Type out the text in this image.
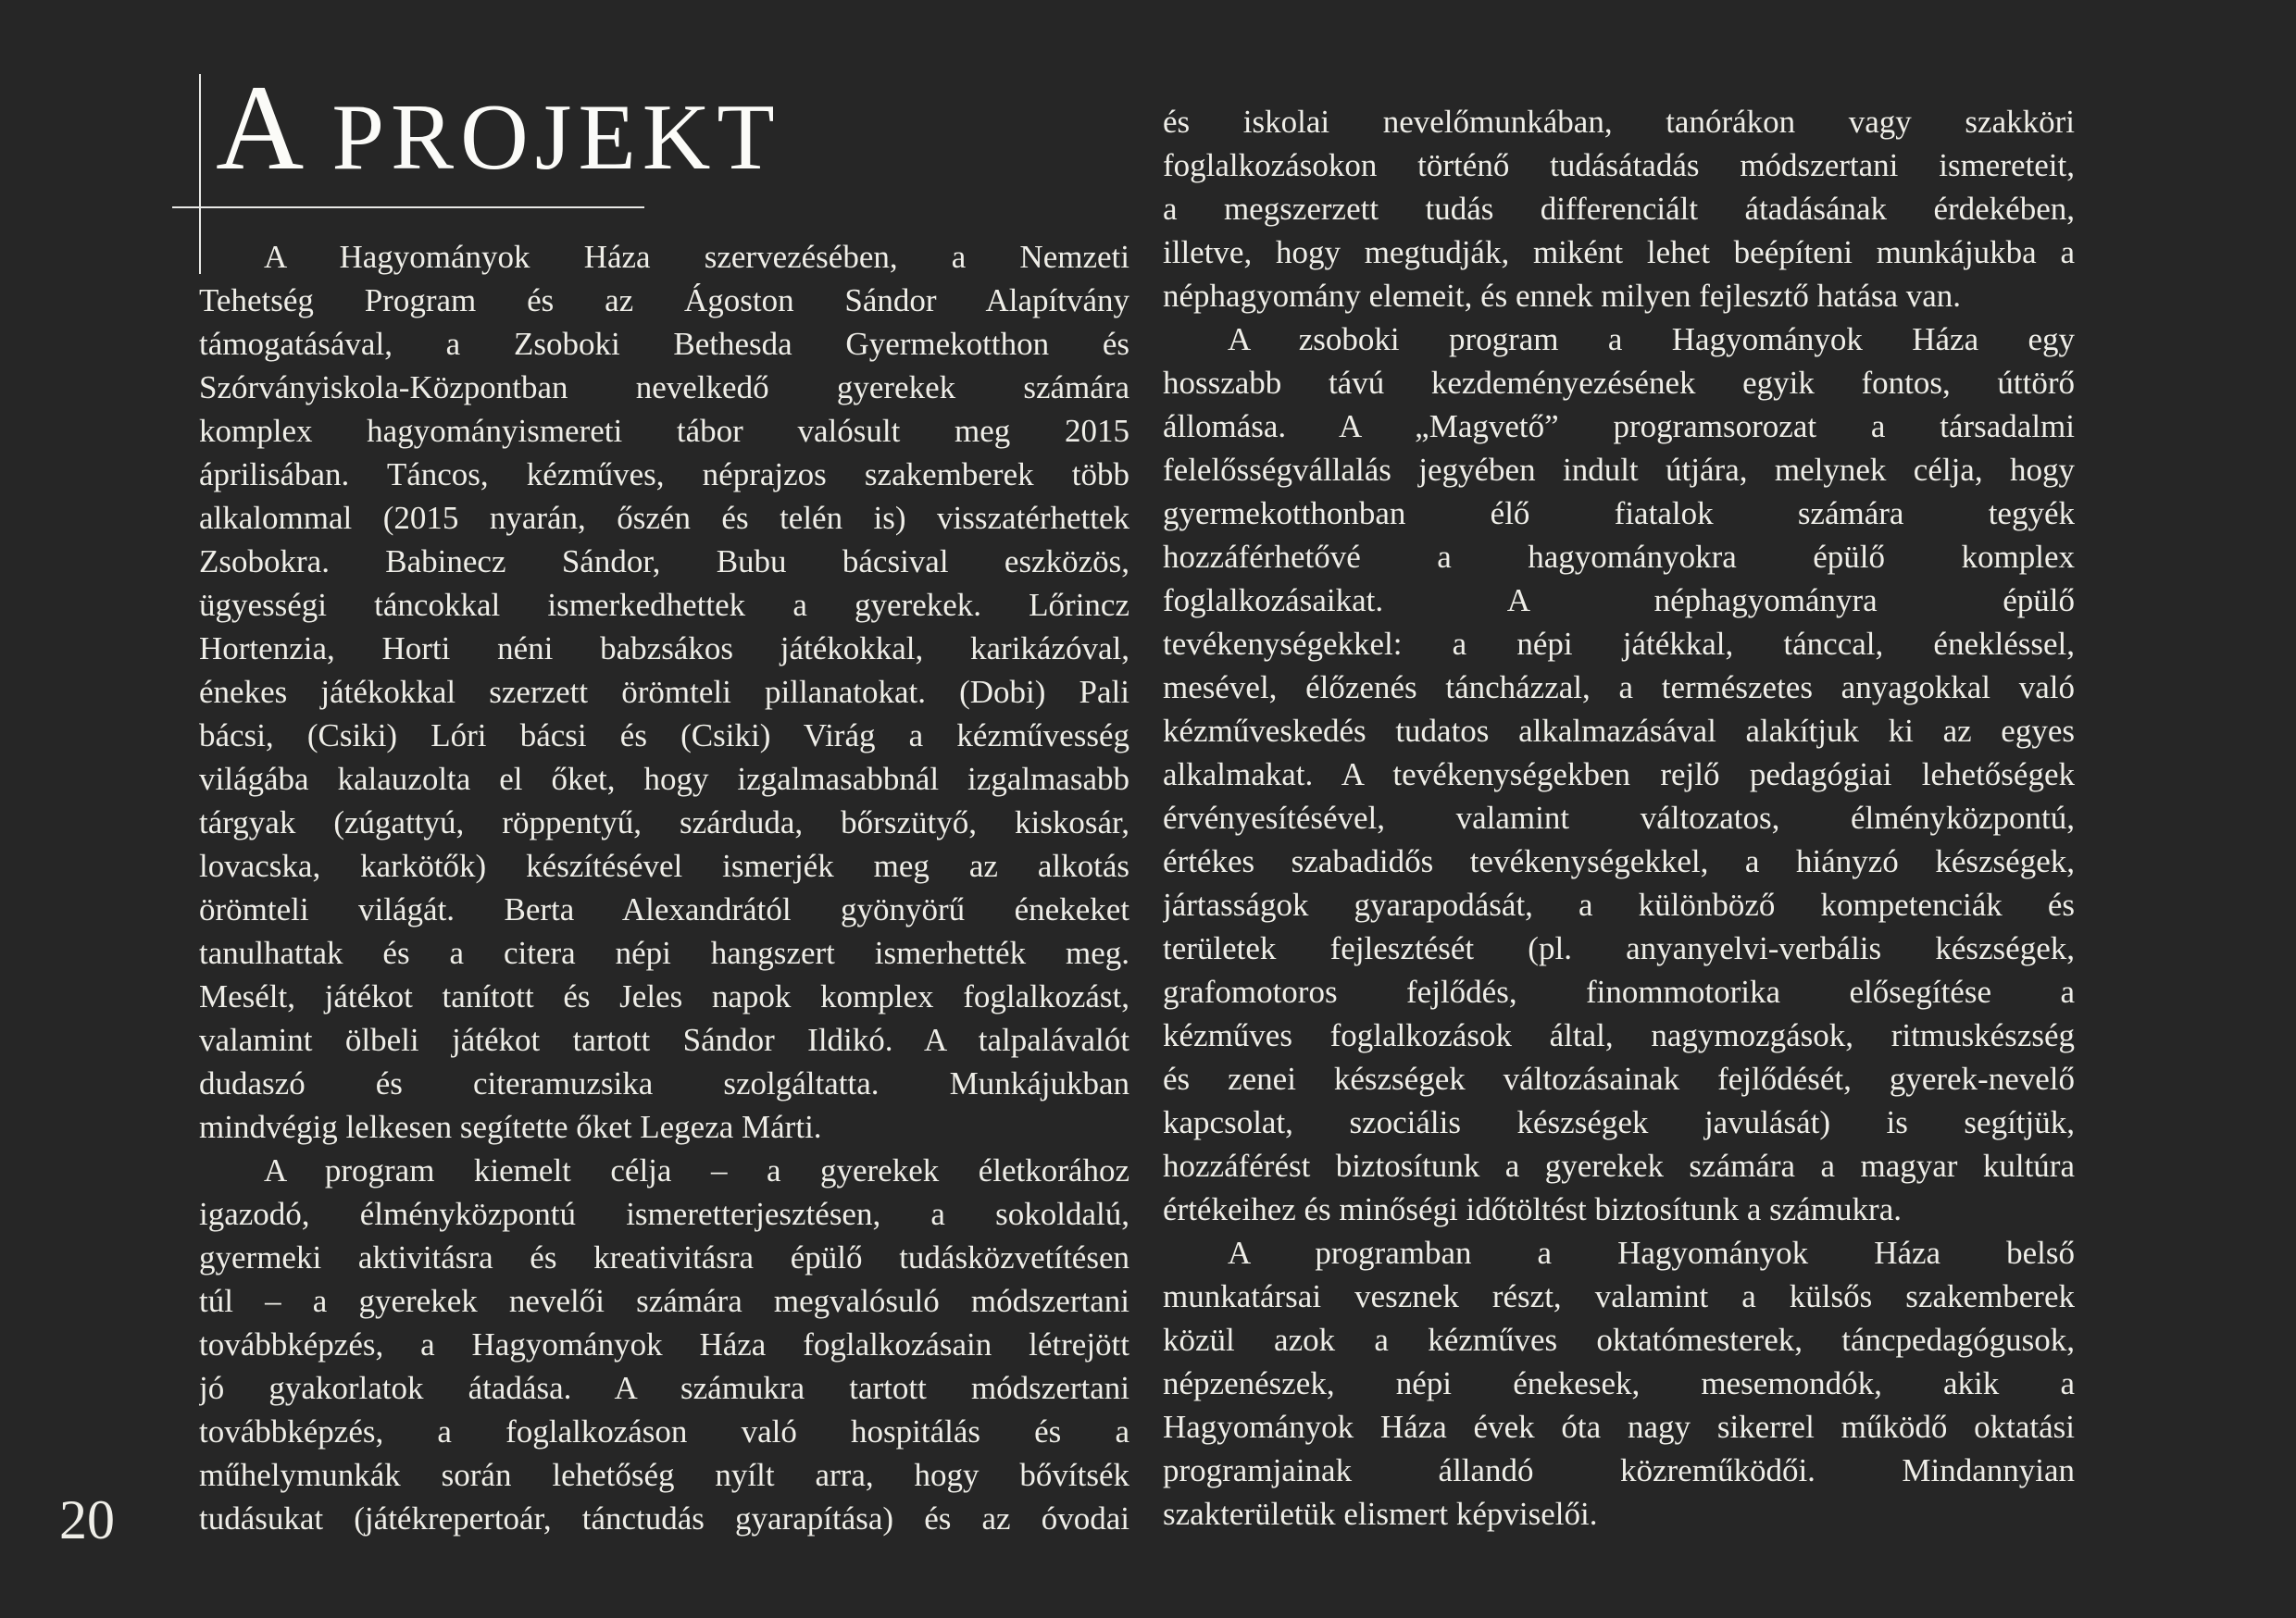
A PROJEKT
A Hagyományok Háza szervezésében, a Nemzeti
Tehetség Program és az Ágoston Sándor Alapítvány
támogatásával, a Zsoboki Bethesda Gyermekotthon és
Szórványiskola-Központban nevelkedő gyerekek számára
komplex hagyományismereti tábor valósult meg 2015
áprilisában. Táncos, kézműves, néprajzos szakemberek több
alkalommal (2015 nyarán, őszén és telén is) visszatérhettek
Zsobokra. Babinecz Sándor, Bubu bácsival eszközös,
ügyességi táncokkal ismerkedhettek a gyerekek. Lőrincz
Hortenzia, Horti néni babzsákos játékokkal, karikázóval,
énekes játékokkal szerzett örömteli pillanatokat. (Dobi) Pali
bácsi, (Csiki) Lóri bácsi és (Csiki) Virág a kézművesség
világába kalauzolta el őket, hogy izgalmasabbnál izgalmasabb
tárgyak (zúgattyú, röppentyű, szárduda, bőrszütyő, kiskosár,
lovacska, karkötők) készítésével ismerjék meg az alkotás
örömteli világát. Berta Alexandrától gyönyörű énekeket
tanulhattak és a citera népi hangszert ismerhették meg.
Mesélt, játékot tanított és Jeles napok komplex foglalkozást,
valamint ölbeli játékot tartott Sándor Ildikó. A talpalávalót
dudaszó és citeramuzsika szolgáltatta. Munkájukban
mindvégig lelkesen segítette őket Legeza Márti.
A program kiemelt célja – a gyerekek életkorához
igazodó, élményközpontú ismeretterjesztésen, a sokoldalú,
gyermeki aktivitásra és kreativitásra épülő tudásközvetítésen
túl – a gyerekek nevelői számára megvalósuló módszertani
továbbképzés, a Hagyományok Háza foglalkozásain létrejött
jó gyakorlatok átadása. A számukra tartott módszertani
továbbképzés, a foglalkozáson való hospitálás és a
műhelymunkák során lehetőség nyílt arra, hogy bővítsék
tudásukat (játékrepertoár, tánctudás gyarapítása) és az óvodai
és iskolai nevelőmunkában, tanórákon vagy szakköri
foglalkozásokon történő tudásátadás módszertani ismereteit,
a megszerzett tudás differenciált átadásának érdekében,
illetve, hogy megtudják, miként lehet beépíteni munkájukba a
néphagyomány elemeit, és ennek milyen fejlesztő hatása van.
A zsoboki program a Hagyományok Háza egy
hosszabb távú kezdeményezésének egyik fontos, úttörő
állomása. A „Magvető” programsorozat a társadalmi
felelősségvállalás jegyében indult útjára, melynek célja, hogy
gyermekotthonban élő fiatalok számára tegyék
hozzáférhetővé a hagyományokra épülő komplex
foglalkozásaikat. A néphagyományra épülő
tevékenységekkel: a népi játékkal, tánccal, énekléssel,
mesével, élőzenés táncházzal, a természetes anyagokkal való
kézműveskedés tudatos alkalmazásával alakítjuk ki az egyes
alkalmakat. A tevékenységekben rejlő pedagógiai lehetőségek
érvényesítésével, valamint változatos, élményközpontú,
értékes szabadidős tevékenységekkel, a hiányzó készségek,
jártasságok gyarapodását, a különböző kompetenciák és
területek fejlesztését (pl. anyanyelvi-verbális készségek,
grafomotoros fejlődés, finommotorika elősegítése a
kézműves foglalkozások által, nagymozgások, ritmuskészség
és zenei készségek változásainak fejlődését, gyerek-nevelő
kapcsolat, szociális készségek javulását) is segítjük,
hozzáférést biztosítunk a gyerekek számára a magyar kultúra
értékeihez és minőségi időtöltést biztosítunk a számukra.
A programban a Hagyományok Háza belső
munkatársai vesznek részt, valamint a külsős szakemberek
közül azok a kézműves oktatómesterek, táncpedagógusok,
népzenészek, népi énekesek, mesemondók, akik a
Hagyományok Háza évek óta nagy sikerrel működő oktatási
programjainak állandó közreműködői. Mindannyian
szakterületük elismert képviselői.
20
